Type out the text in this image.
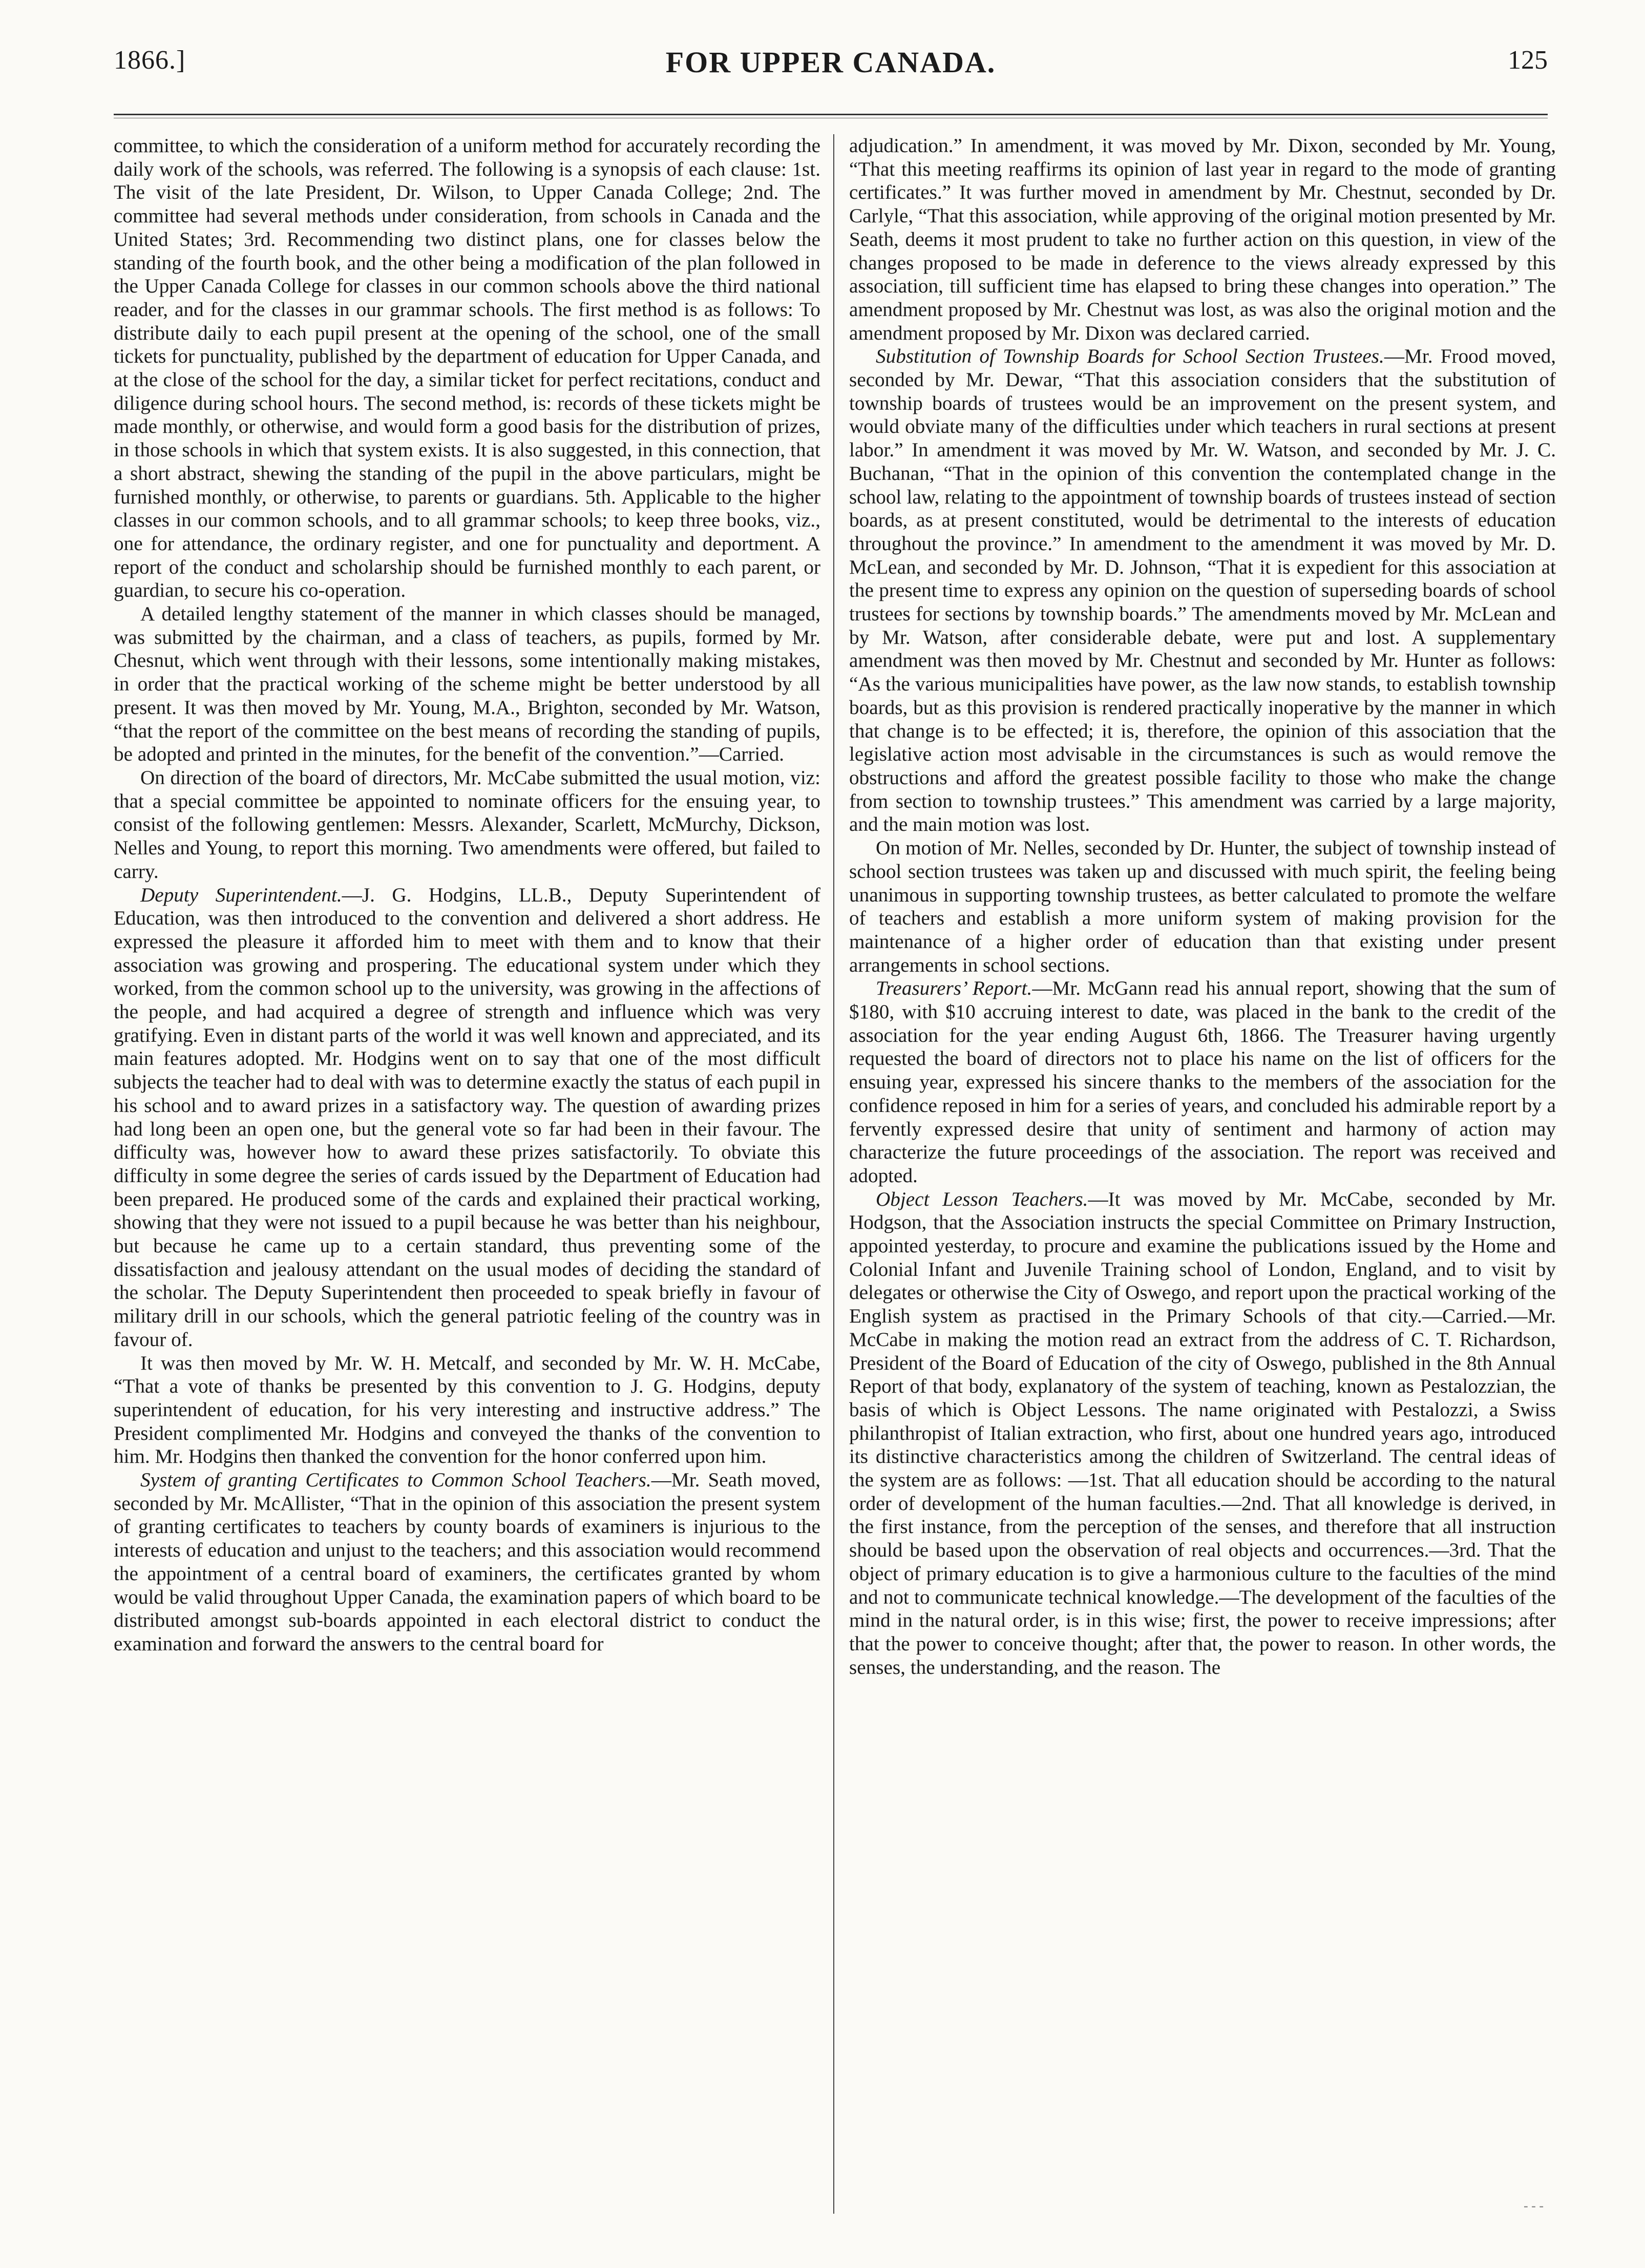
1866.]	FOR UPPER CANADA.	125

committee, to which the consideration of a uniform method for accurately recording the daily work of the schools, was referred. The following is a synopsis of each clause: 1st. The visit of the late President, Dr. Wilson, to Upper Canada College; 2nd. The committee had several methods under consideration, from schools in Canada and the United States; 3rd. Recommending two distinct plans, one for classes below the standing of the fourth book, and the other being a modification of the plan followed in the Upper Canada College for classes in our common schools above the third national reader, and for the classes in our grammar schools. The first method is as follows: To distribute daily to each pupil present at the opening of the school, one of the small tickets for punctuality, published by the department of education for Upper Canada, and at the close of the school for the day, a similar ticket for perfect recitations, conduct and diligence during school hours. The second method, is: records of these tickets might be made monthly, or otherwise, and would form a good basis for the distribution of prizes, in those schools in which that system exists. It is also suggested, in this connection, that a short abstract, shewing the standing of the pupil in the above particulars, might be furnished monthly, or otherwise, to parents or guardians. 5th. Applicable to the higher classes in our common schools, and to all grammar schools; to keep three books, viz., one for attendance, the ordinary register, and one for punctuality and deportment. A report of the conduct and scholarship should be furnished monthly to each parent, or guardian, to secure his co-operation.

A detailed lengthy statement of the manner in which classes should be managed, was submitted by the chairman, and a class of teachers, as pupils, formed by Mr. Chesnut, which went through with their lessons, some intentionally making mistakes, in order that the practical working of the scheme might be better understood by all present. It was then moved by Mr. Young, M.A., Brighton, seconded by Mr. Watson, “that the report of the committee on the best means of recording the standing of pupils, be adopted and printed in the minutes, for the benefit of the convention.”—Carried.

On direction of the board of directors, Mr. McCabe submitted the usual motion, viz: that a special committee be appointed to nominate officers for the ensuing year, to consist of the following gentlemen: Messrs. Alexander, Scarlett, McMurchy, Dickson, Nelles and Young, to report this morning. Two amendments were offered, but failed to carry.

Deputy Superintendent.—J. G. Hodgins, LL.B., Deputy Superintendent of Education, was then introduced to the convention and delivered a short address. He expressed the pleasure it afforded him to meet with them and to know that their association was growing and prospering. The educational system under which they worked, from the common school up to the university, was growing in the affections of the people, and had acquired a degree of strength and influence which was very gratifying. Even in distant parts of the world it was well known and appreciated, and its main features adopted. Mr. Hodgins went on to say that one of the most difficult subjects the teacher had to deal with was to determine exactly the status of each pupil in his school and to award prizes in a satisfactory way. The question of awarding prizes had long been an open one, but the general vote so far had been in their favour. The difficulty was, however how to award these prizes satisfactorily. To obviate this difficulty in some degree the series of cards issued by the Department of Education had been prepared. He produced some of the cards and explained their practical working, showing that they were not issued to a pupil because he was better than his neighbour, but because he came up to a certain standard, thus preventing some of the dissatisfaction and jealousy attendant on the usual modes of deciding the standard of the scholar. The Deputy Superintendent then proceeded to speak briefly in favour of military drill in our schools, which the general patriotic feeling of the country was in favour of.

It was then moved by Mr. W. H. Metcalf, and seconded by Mr. W. H. McCabe, “That a vote of thanks be presented by this convention to J. G. Hodgins, deputy superintendent of education, for his very interesting and instructive address.” The President complimented Mr. Hodgins and conveyed the thanks of the convention to him. Mr. Hodgins then thanked the convention for the honor conferred upon him.

System of granting Certificates to Common School Teachers.—Mr. Seath moved, seconded by Mr. McAllister, “That in the opinion of this association the present system of granting certificates to teachers by county boards of examiners is injurious to the interests of education and unjust to the teachers; and this association would recommend the appointment of a central board of examiners, the certificates granted by whom would be valid throughout Upper Canada, the examination papers of which board to be distributed amongst sub-boards appointed in each electoral district to conduct the examination and forward the answers to the central board for

adjudication.” In amendment, it was moved by Mr. Dixon, seconded by Mr. Young, “That this meeting reaffirms its opinion of last year in regard to the mode of granting certificates.” It was further moved in amendment by Mr. Chestnut, seconded by Dr. Carlyle, “That this association, while approving of the original motion presented by Mr. Seath, deems it most prudent to take no further action on this question, in view of the changes proposed to be made in deference to the views already expressed by this association, till sufficient time has elapsed to bring these changes into operation.” The amendment proposed by Mr. Chestnut was lost, as was also the original motion and the amendment proposed by Mr. Dixon was declared carried.

Substitution of Township Boards for School Section Trustees.—Mr. Frood moved, seconded by Mr. Dewar, “That this association considers that the substitution of township boards of trustees would be an improvement on the present system, and would obviate many of the difficulties under which teachers in rural sections at present labor.” In amendment it was moved by Mr. W. Watson, and seconded by Mr. J. C. Buchanan, “That in the opinion of this convention the contemplated change in the school law, relating to the appointment of township boards of trustees instead of section boards, as at present constituted, would be detrimental to the interests of education throughout the province.” In amendment to the amendment it was moved by Mr. D. McLean, and seconded by Mr. D. Johnson, “That it is expedient for this association at the present time to express any opinion on the question of superseding boards of school trustees for sections by township boards.” The amendments moved by Mr. McLean and by Mr. Watson, after considerable debate, were put and lost. A supplementary amendment was then moved by Mr. Chestnut and seconded by Mr. Hunter as follows: “As the various municipalities have power, as the law now stands, to establish township boards, but as this provision is rendered practically inoperative by the manner in which that change is to be effected; it is, therefore, the opinion of this association that the legislative action most advisable in the circumstances is such as would remove the obstructions and afford the greatest possible facility to those who make the change from section to township trustees.” This amendment was carried by a large majority, and the main motion was lost.

On motion of Mr. Nelles, seconded by Dr. Hunter, the subject of township instead of school section trustees was taken up and discussed with much spirit, the feeling being unanimous in supporting township trustees, as better calculated to promote the welfare of teachers and establish a more uniform system of making provision for the maintenance of a higher order of education than that existing under present arrangements in school sections.

Treasurers’ Report.—Mr. McGann read his annual report, showing that the sum of $180, with $10 accruing interest to date, was placed in the bank to the credit of the association for the year ending August 6th, 1866. The Treasurer having urgently requested the board of directors not to place his name on the list of officers for the ensuing year, expressed his sincere thanks to the members of the association for the confidence reposed in him for a series of years, and concluded his admirable report by a fervently expressed desire that unity of sentiment and harmony of action may characterize the future proceedings of the association. The report was received and adopted.

Object Lesson Teachers.—It was moved by Mr. McCabe, seconded by Mr. Hodgson, that the Association instructs the special Committee on Primary Instruction, appointed yesterday, to procure and examine the publications issued by the Home and Colonial Infant and Juvenile Training school of London, England, and to visit by delegates or otherwise the City of Oswego, and report upon the practical working of the English system as practised in the Primary Schools of that city.—Carried.—Mr. McCabe in making the motion read an extract from the address of C. T. Richardson, President of the Board of Education of the city of Oswego, published in the 8th Annual Report of that body, explanatory of the system of teaching, known as Pestalozzian, the basis of which is Object Lessons. The name originated with Pestalozzi, a Swiss philanthropist of Italian extraction, who first, about one hundred years ago, introduced its distinctive characteristics among the children of Switzerland. The central ideas of the system are as follows: —1st. That all education should be according to the natural order of development of the human faculties.—2nd. That all knowledge is derived, in the first instance, from the perception of the senses, and therefore that all instruction should be based upon the observation of real objects and occurrences.—3rd. That the object of primary education is to give a harmonious culture to the faculties of the mind and not to communicate technical knowledge.—The development of the faculties of the mind in the natural order, is in this wise; first, the power to receive impressions; after that the power to conceive thought; after that, the power to reason. In other words, the senses, the understanding, and the reason. The

- - -
